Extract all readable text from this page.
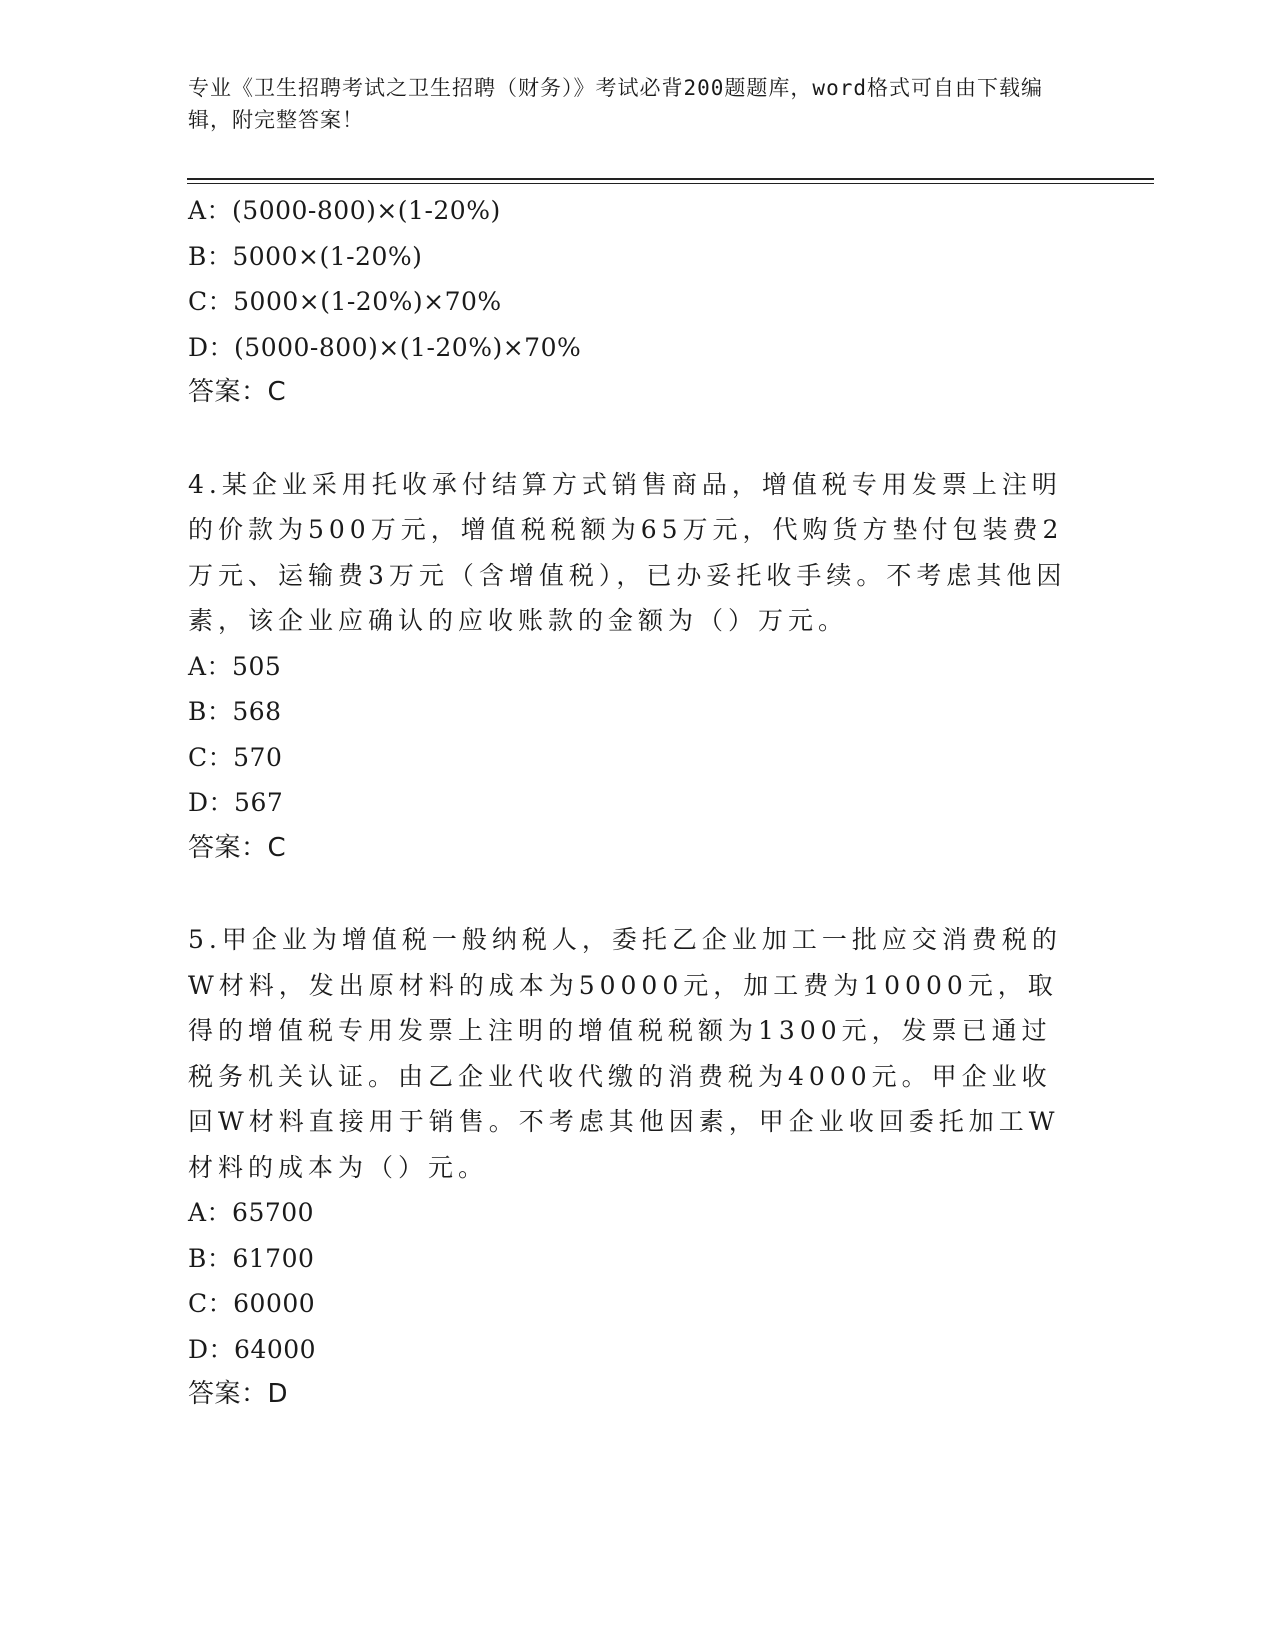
专业《卫生招聘考试之卫生招聘（财务）》考试必背200题题库，word格式可自由下载编辑，附完整答案！
A：(5000-800)×(1-20%)
B：5000×(1-20%)
C：5000×(1-20%)×70%
D：(5000-800)×(1-20%)×70%
答案：C

4.某企业采用托收承付结算方式销售商品，增值税专用发票上注明的价款为500万元，增值税税额为65万元，代购货方垫付包装费2万元、运输费3万元（含增值税），已办妥托收手续。不考虑其他因素，该企业应确认的应收账款的金额为（）万元。

A：505
B：568
C：570
D：567
答案：C

5.甲企业为增值税一般纳税人，委托乙企业加工一批应交消费税的W材料，发出原材料的成本为50000元，加工费为10000元，取得的增值税专用发票上注明的增值税税额为1300元，发票已通过税务机关认证。由乙企业代收代缴的消费税为4000元。甲企业收回W材料直接用于销售。不考虑其他因素，甲企业收回委托加工W材料的成本为（）元。

A：65700
B：61700
C：60000
D：64000
答案：D
